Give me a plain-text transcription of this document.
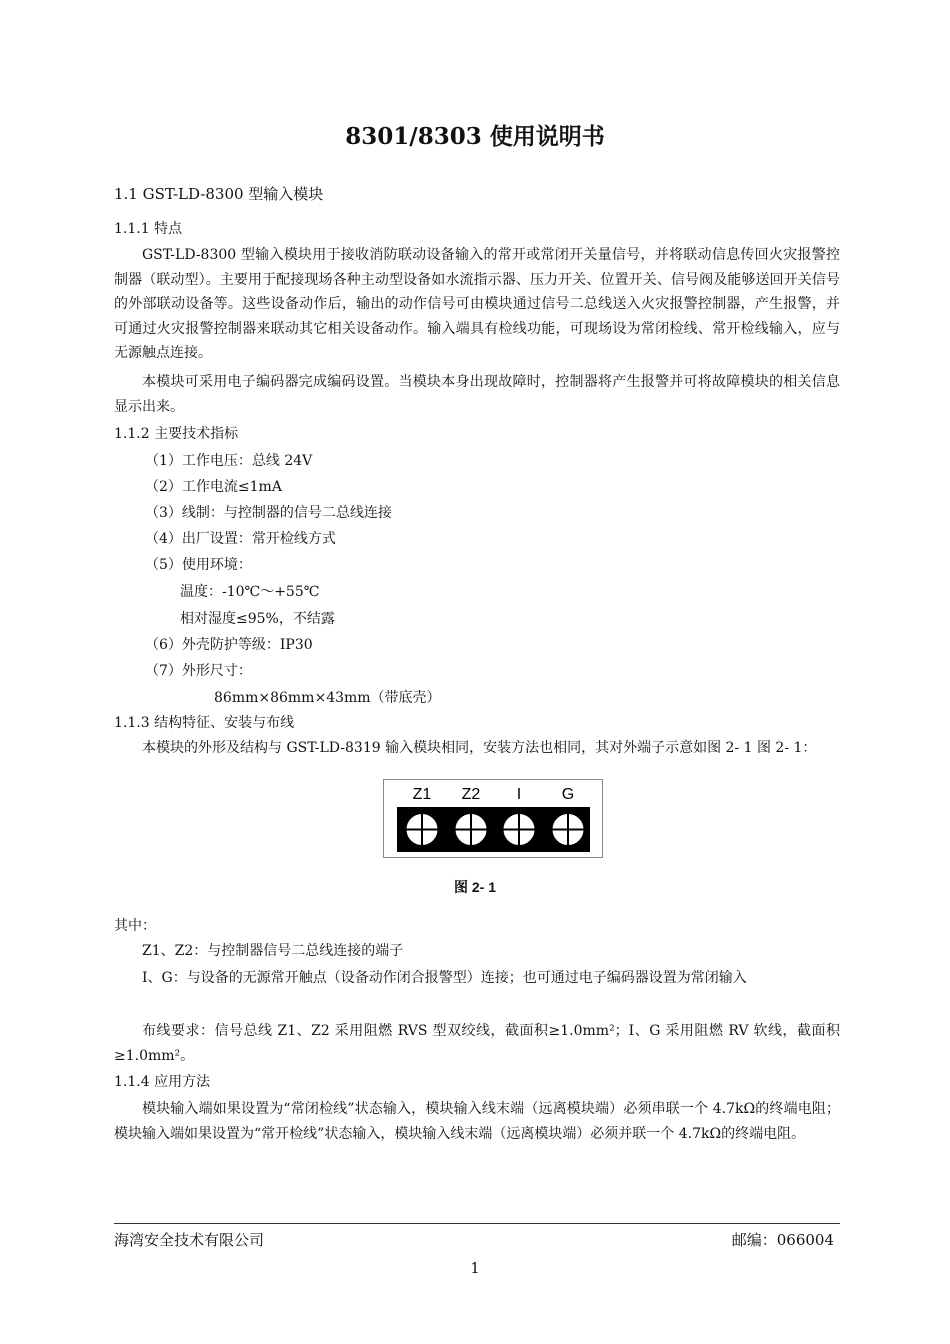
8301/8303 使用说明书
1.1 GST-LD-8300 型输入模块
1.1.1 特点

GST-LD-8300 型输入模块用于接收消防联动设备输入的常开或常闭开关量信号，并将联动信息传回火灾报警控制器（联动型）。主要用于配接现场各种主动型设备如水流指示器、压力开关、位置开关、信号阀及能够送回开关信号的外部联动设备等。这些设备动作后，输出的动作信号可由模块通过信号二总线送入火灾报警控制器，产生报警，并可通过火灾报警控制器来联动其它相关设备动作。输入端具有检线功能，可现场设为常闭检线、常开检线输入，应与无源触点连接。

本模块可采用电子编码器完成编码设置。当模块本身出现故障时，控制器将产生报警并可将故障模块的相关信息显示出来。

1.1.2 主要技术指标
（1）工作电压：总线 24V
（2）工作电流≤1mA
（3）线制：与控制器的信号二总线连接
（4）出厂设置：常开检线方式
（5）使用环境：
温度：-10℃～+55℃
相对湿度≤95%，不结露
（6）外壳防护等级：IP30
（7）外形尺寸：
86mm×86mm×43mm（带底壳）
1.1.3 结构特征、安装与布线

本模块的外形及结构与 GST-LD-8319 输入模块相同，安装方法也相同，其对外端子示意如图 2- 1 图 2- 1：

Z1	Z2	I	G
图 2- 1
其中：

Z1、Z2：与控制器信号二总线连接的端子

I、G：与设备的无源常开触点（设备动作闭合报警型）连接；也可通过电子编码器设置为常闭输入

布线要求：信号总线 Z1、Z2 采用阻燃 RVS 型双绞线，截面积≥1.0mm²；I、G 采用阻燃 RV 软线，截面积≥1.0mm²。

1.1.4 应用方法

模块输入端如果设置为“常闭检线”状态输入，模块输入线末端（远离模块端）必须串联一个 4.7kΩ的终端电阻；模块输入端如果设置为“常开检线”状态输入，模块输入线末端（远离模块端）必须并联一个 4.7kΩ的终端电阻。

海湾安全技术有限公司	邮编：066004
1
